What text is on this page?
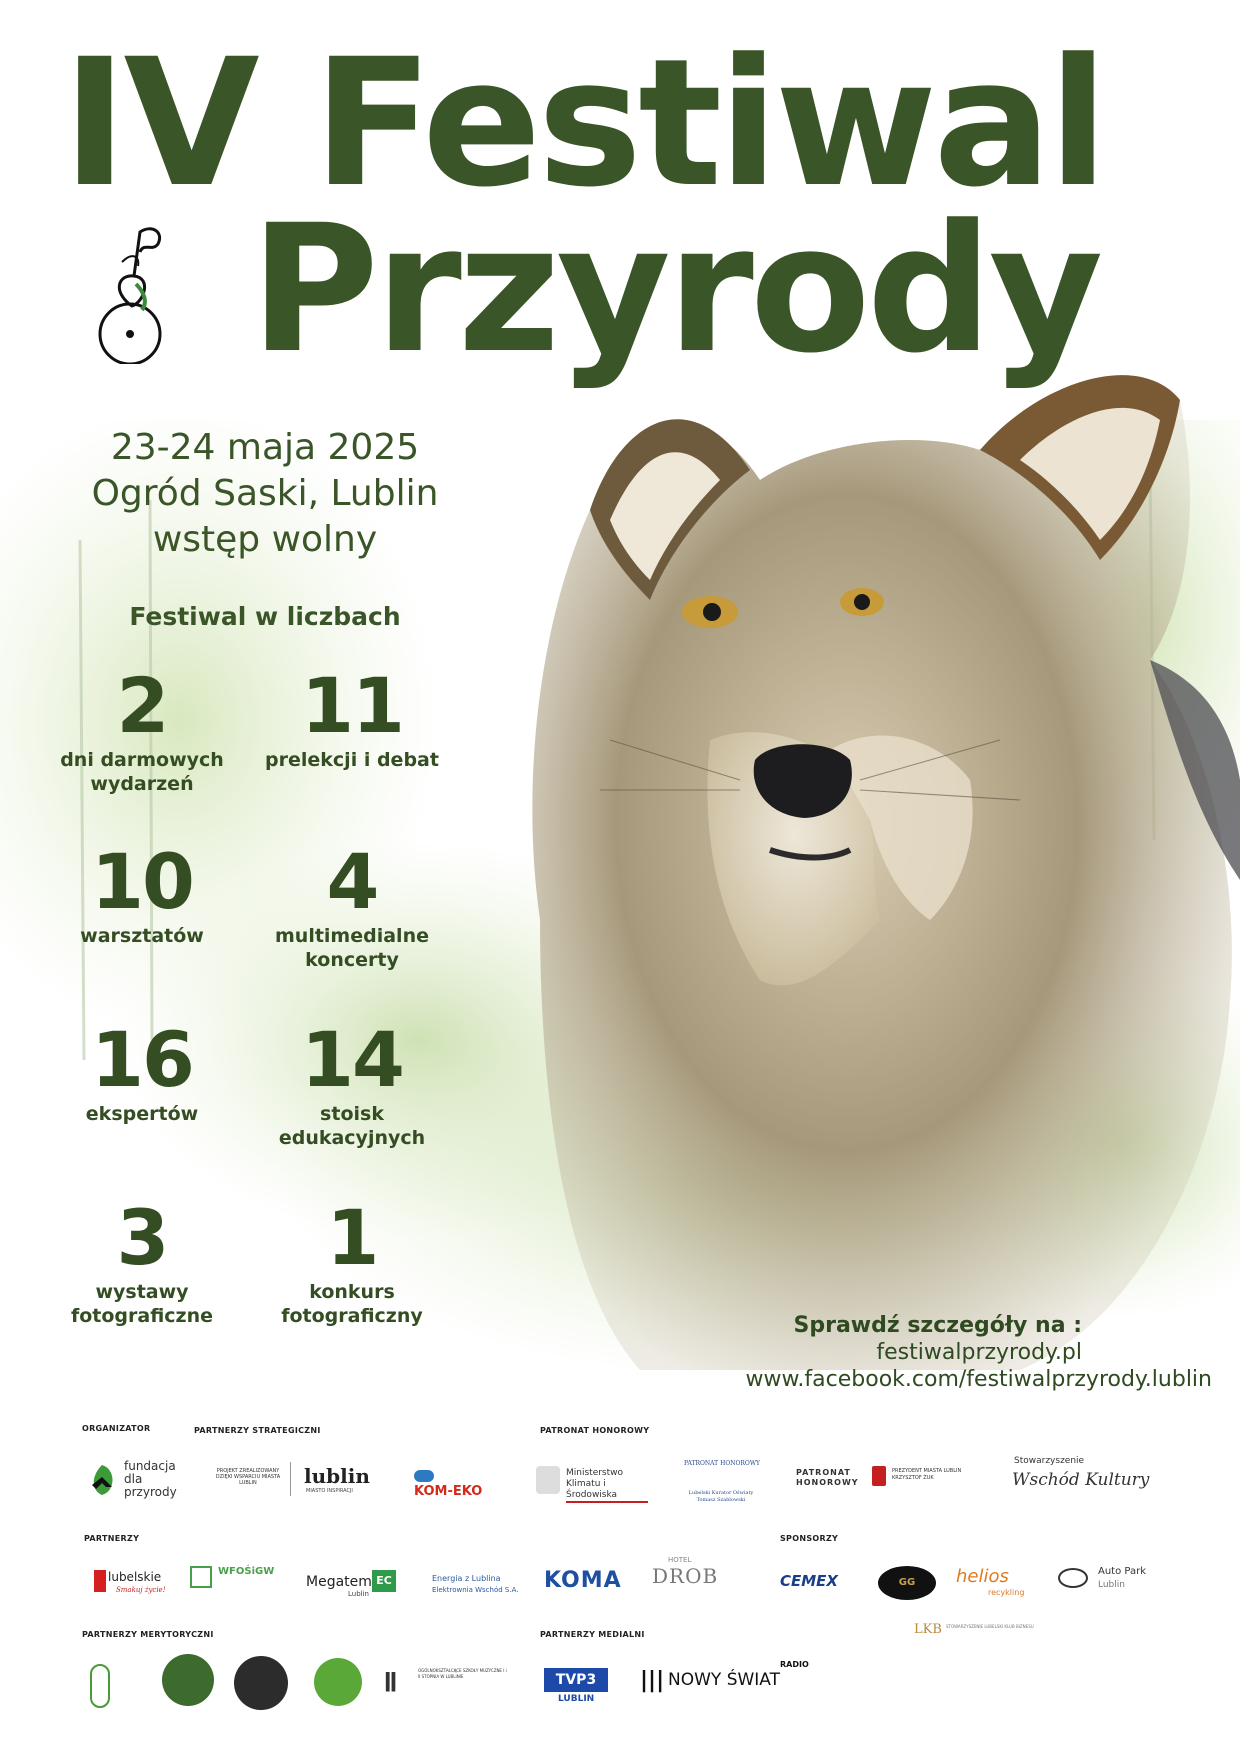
IV Festiwal
Przyrody
23-24 maja 2025
Ogród Saski, Lublin
wstęp wolny
Festiwal w liczbach
2
dni darmowych wydarzeń
11
prelekcji i debat
10
warsztatów
4
multimedialne koncerty
16
ekspertów
14
stoisk edukacyjnych
3
wystawy fotograficzne
1
konkurs fotograficzny	Sprawdź szczegóły na :
festiwalprzyrody.pl
www.facebook.com/festiwalprzyrody.lublin
ORGANIZATOR	PARTNERZY STRATEGICZNI	PATRONAT HONOROWY
PARTNERZY	SPONSORZY
PARTNERZY MERYTORYCZNI	PARTNERZY MEDIALNI
fundacja dla przyrody
PROJEKT ZREALIZOWANY DZIĘKI WSPARCIU MIASTA LUBLIN	lublin
MIASTO INSPIRACJI	KOM-EKO
Ministerstwo Klimatu i Środowiska
PATRONAT HONOROWY
Lubelski Kurator Oświaty Tomasz Szablowski
PATRONAT HONOROWY
PREZYDENT MIASTA LUBLIN KRZYSZTOF ŻUK
Stowarzyszenie
Wschód Kultury
lubelskie
Smakuj życie!
WFOŚiGW
Megatem
Lublin
EC	Energia z Lublina
Elektrownia Wschód S.A. KOMA
HOTEL
DROB	CEMEX	GG	helios
recykling
Auto Park
Lublin
LKB STOWARZYSZENIE LUBELSKI KLUB BIZNESU
ǁ	OGÓLNOKSZTAŁCĄCE SZKOŁY MUZYCZNE I i II STOPNIA W LUBLINIE	TVP3
LUBLIN
|||
RADIO
NOWY ŚWIAT
